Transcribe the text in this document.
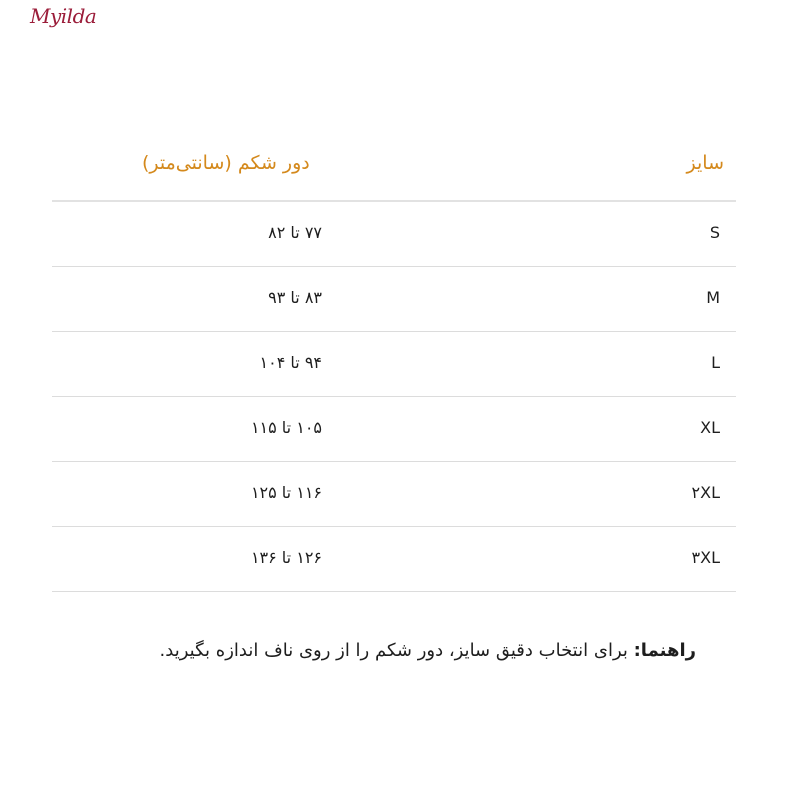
Myilda
سایز
دور شکم (سانتی‌متر)
S
۷۷ تا ۸۲
M
۸۳ تا ۹۳
L
۹۴ تا ۱۰۴
XL
۱۰۵ تا ۱۱۵
۲XL
۱۱۶ تا ۱۲۵
۳XL
۱۲۶ تا ۱۳۶
راهنما: برای انتخاب دقیق سایز، دور شکم را از روی ناف اندازه بگیرید.
